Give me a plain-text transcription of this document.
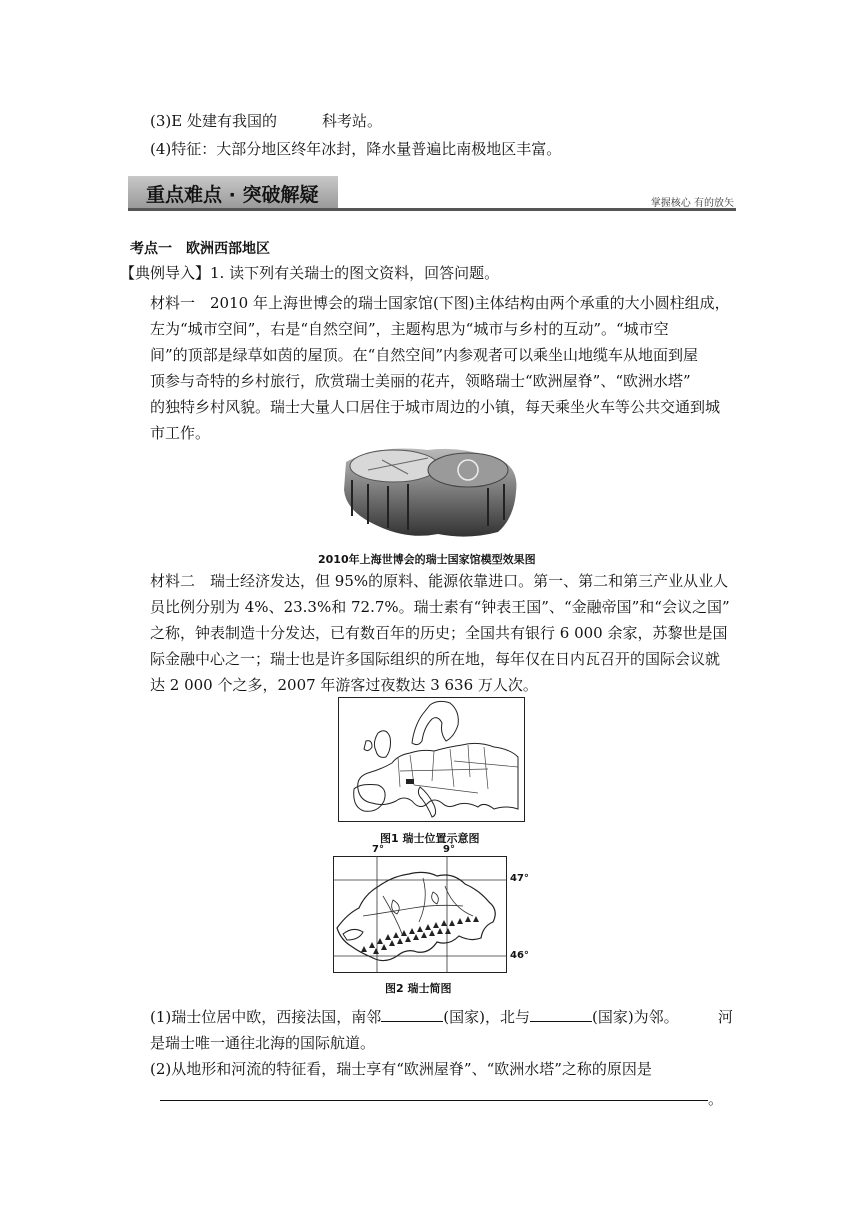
(3)E 处建有我国的　　　科考站。
(4)特征：大部分地区终年冰封，降水量普遍比南极地区丰富。
重点难点 · 突破解疑	掌握核心 有的放矢
考点一　欧洲西部地区
【典例导入】1. 读下列有关瑞士的图文资料，回答问题。
材料一　2010 年上海世博会的瑞士国家馆(下图)主体结构由两个承重的大小圆柱组成，
左为“城市空间”，右是“自然空间”，主题构思为“城市与乡村的互动”。“城市空
间”的顶部是绿草如茵的屋顶。在“自然空间”内参观者可以乘坐山地缆车从地面到屋
顶参与奇特的乡村旅行，欣赏瑞士美丽的花卉，领略瑞士“欧洲屋脊”、“欧洲水塔”
的独特乡村风貌。瑞士大量人口居住于城市周边的小镇，每天乘坐火车等公共交通到城
市工作。
2010年上海世博会的瑞士国家馆模型效果图
材料二　瑞士经济发达，但 95%的原料、能源依靠进口。第一、第二和第三产业从业人
员比例分别为 4%、23.3%和 72.7%。瑞士素有“钟表王国”、“金融帝国”和“会议之国”
之称，钟表制造十分发达，已有数百年的历史；全国共有银行 6 000 余家，苏黎世是国
际金融中心之一；瑞士也是许多国际组织的所在地，每年仅在日内瓦召开的国际会议就
达 2 000 个之多，2007 年游客过夜数达 3 636 万人次。
图1 瑞士位置示意图
7°	9°
47°
46°
图2 瑞士简图
(1)瑞士位居中欧，西接法国，南邻	(国家)，北与	(国家)为邻。	河
是瑞士唯一通往北海的国际航道。
(2)从地形和河流的特征看，瑞士享有“欧洲屋脊”、“欧洲水塔”之称的原因是
。
